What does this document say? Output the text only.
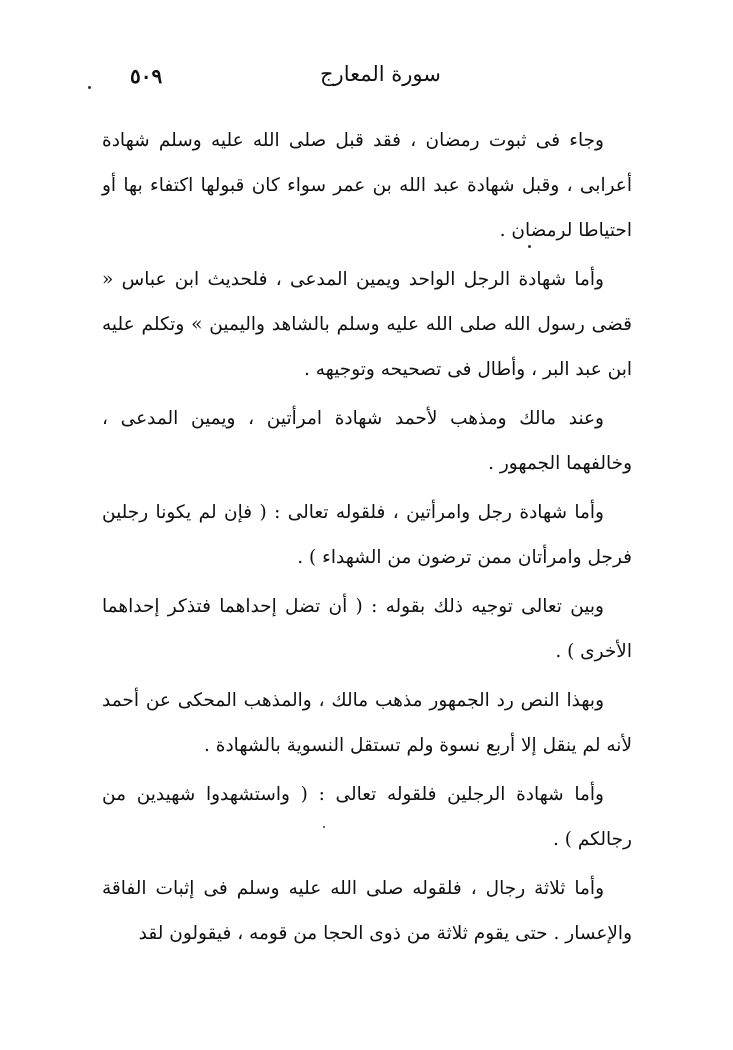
٥٠٩	سورة المعارج

وجاء فى ثبوت رمضان ، فقد قبل صلى الله عليه وسلم شهادة أعرابى ، وقبل شهادة عبد الله بن عمر سواء كان قبولها اكتفاء بها أو احتياطا لرمضان .

وأما شهادة الرجل الواحد ويمين المدعى ، فلحديث ابن عباس « قضى رسول الله صلى الله عليه وسلم بالشاهد واليمين » وتكلم عليه ابن عبد البر ، وأطال فى تصحيحه وتوجيهه .

وعند مالك ومذهب لأحمد شهادة امرأتين ، ويمين المدعى ، وخالفهما الجمهور .

وأما شهادة رجل وامرأتين ، فلقوله تعالى : ( فإن لم يكونا رجلين فرجل وامرأتان ممن ترضون من الشهداء ) .

وبين تعالى توجيه ذلك بقوله : ( أن تضل إحداهما فتذكر إحداهما الأخرى ) .

وبهذا النص رد الجمهور مذهب مالك ، والمذهب المحكى عن أحمد لأنه لم ينقل إلا أربع نسوة ولم تستقل النسوية بالشهادة .

وأما شهادة الرجلين فلقوله تعالى : ( واستشهدوا شهيدين من رجالكم ) .

وأما ثلاثة رجال ، فلقوله صلى الله عليه وسلم فى إثبات الفاقة والإعسار . حتى يقوم ثلاثة من ذوى الحجا من قومه ، فيقولون لقد
